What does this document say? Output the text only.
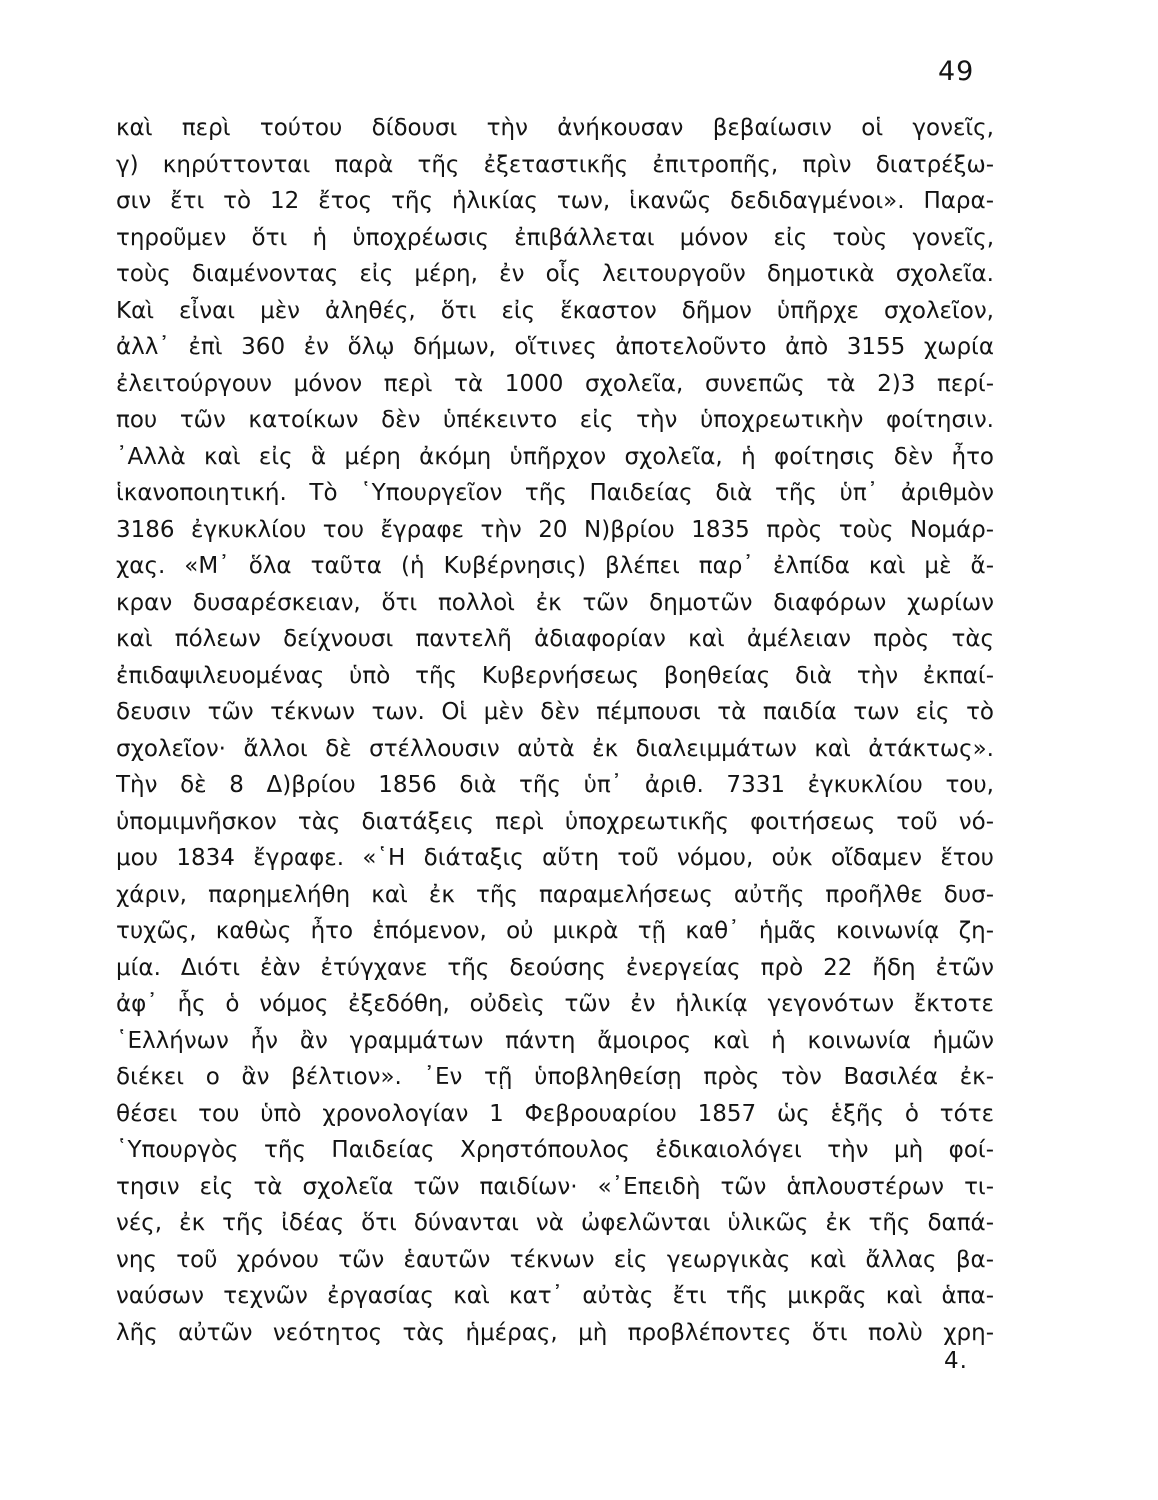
49
καὶ περὶ τούτου δίδουσι τὴν ἀνήκουσαν βεβαίωσιν οἱ γονεῖς,
γ) κηρύττονται παρὰ τῆς ἐξεταστικῆς ἐπιτροπῆς, πρὶν διατρέξω-
σιν ἔτι τὸ 12 ἔτος τῆς ἡλικίας των, ἱκανῶς δεδιδαγμένοι». Παρα-
τηροῦμεν ὅτι ἡ ὑποχρέωσις ἐπιβάλλεται μόνον εἰς τοὺς γονεῖς,
τοὺς διαμένοντας εἰς μέρη, ἐν οἷς λειτουργοῦν δημοτικὰ σχολεῖα.
Καὶ εἶναι μὲν ἀληθές, ὅτι εἰς ἕκαστον δῆμον ὑπῆρχε σχολεῖον,
ἀλλ᾽ ἐπὶ 360 ἐν ὅλῳ δήμων, οἵτινες ἀποτελοῦντο ἀπὸ 3155 χωρία
ἐλειτούργουν μόνον περὶ τὰ 1000 σχολεῖα, συνεπῶς τὰ 2)3 περί-
που τῶν κατοίκων δὲν ὑπέκειντο εἰς τὴν ὑποχρεωτικὴν φοίτησιν.
᾽Αλλὰ καὶ εἰς ἃ μέρη ἀκόμη ὑπῆρχον σχολεῖα, ἡ φοίτησις δὲν ἦτο
ἱκανοποιητική. Τὸ ῾Υπουργεῖον τῆς Παιδείας διὰ τῆς ὑπ᾽ ἀριθμὸν
3186 ἐγκυκλίου του ἔγραφε τὴν 20 Ν)βρίου 1835 πρὸς τοὺς Νομάρ-
χας. «Μ᾽ ὅλα ταῦτα (ἡ Κυβέρνησις) βλέπει παρ᾽ ἐλπίδα καὶ μὲ ἄ-
κραν δυσαρέσκειαν, ὅτι πολλοὶ ἐκ τῶν δημοτῶν διαφόρων χωρίων
καὶ πόλεων δείχνουσι παντελῆ ἀδιαφορίαν καὶ ἀμέλειαν πρὸς τὰς
ἐπιδαψιλευομένας ὑπὸ τῆς Κυβερνήσεως βοηθείας διὰ τὴν ἐκπαί-
δευσιν τῶν τέκνων των. Οἱ μὲν δὲν πέμπουσι τὰ παιδία των εἰς τὸ
σχολεῖον· ἄλλοι δὲ στέλλουσιν αὐτὰ ἐκ διαλειμμάτων καὶ ἀτάκτως».
Τὴν δὲ 8 Δ)βρίου 1856 διὰ τῆς ὑπ᾽ ἀριθ. 7331 ἐγκυκλίου του,
ὑπομιμνῆσκον τὰς διατάξεις περὶ ὑποχρεωτικῆς φοιτήσεως τοῦ νό-
μου 1834 ἔγραφε. «῾Η διάταξις αὕτη τοῦ νόμου, οὐκ οἴδαμεν ἕτου
χάριν, παρημελήθη καὶ ἐκ τῆς παραμελήσεως αὐτῆς προῆλθε δυσ-
τυχῶς, καθὼς ἦτο ἑπόμενον, οὐ μικρὰ τῇ καθ᾽ ἡμᾶς κοινωνίᾳ ζη-
μία. Διότι ἐὰν ἐτύγχανε τῆς δεούσης ἐνεργείας πρὸ 22 ἤδη ἐτῶν
ἀφ᾽ ἧς ὁ νόμος ἐξεδόθη, οὐδεὶς τῶν ἐν ἡλικίᾳ γεγονότων ἔκτοτε
῾Ελλήνων ἦν ἂν γραμμάτων πάντη ἄμοιρος καὶ ἡ κοινωνία ἡμῶν
διέκει ο ἂν βέλτιον». ᾽Εν τῇ ὑποβληθείσῃ πρὸς τὸν Βασιλέα ἐκ-
θέσει του ὑπὸ χρονολογίαν 1 Φεβρουαρίου 1857 ὡς ἑξῆς ὁ τότε
῾Υπουργὸς τῆς Παιδείας Χρηστόπουλος ἐδικαιολόγει τὴν μὴ φοί-
τησιν εἰς τὰ σχολεῖα τῶν παιδίων· «᾽Επειδὴ τῶν ἁπλουστέρων τι-
νές, ἐκ τῆς ἰδέας ὅτι δύνανται νὰ ὠφελῶνται ὑλικῶς ἐκ τῆς δαπά-
νης τοῦ χρόνου τῶν ἑαυτῶν τέκνων εἰς γεωργικὰς καὶ ἄλλας βα-
ναύσων τεχνῶν ἐργασίας καὶ κατ᾽ αὐτὰς ἔτι τῆς μικρᾶς καὶ ἁπα-
λῆς αὐτῶν νεότητος τὰς ἡμέρας, μὴ προβλέποντες ὅτι πολὺ χρη-
4.
